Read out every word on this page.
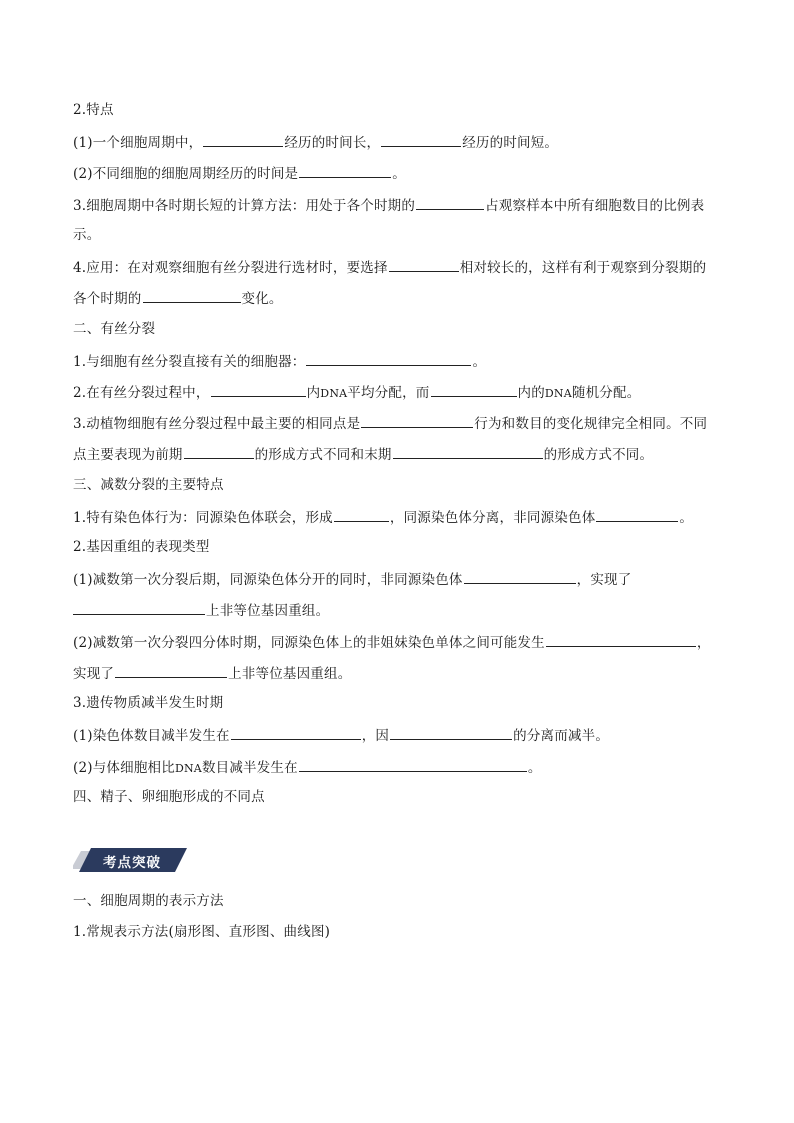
2.特点
(1)一个细胞周期中，	经历的时间长，	经历的时间短。
(2)不同细胞的细胞周期经历的时间是	。
3.细胞周期中各时期长短的计算方法：用处于各个时期的	占观察样本中所有细胞数目的比例表
示。
4.应用：在对观察细胞有丝分裂进行选材时，要选择	相对较长的，这样有利于观察到分裂期的
各个时期的	变化。
二、有丝分裂
1.与细胞有丝分裂直接有关的细胞器：	。
2.在有丝分裂过程中，	内DNA平均分配，而	内的DNA随机分配。
3.动植物细胞有丝分裂过程中最主要的相同点是	行为和数目的变化规律完全相同。不同
点主要表现为前期	的形成方式不同和末期	的形成方式不同。
三、减数分裂的主要特点
1.特有染色体行为：同源染色体联会，形成	，同源染色体分离，非同源染色体	。
2.基因重组的表现类型
(1)减数第一次分裂后期，同源染色体分开的同时，非同源染色体	，实现了
上非等位基因重组。
(2)减数第一次分裂四分体时期，同源染色体上的非姐妹染色单体之间可能发生	，
实现了	上非等位基因重组。
3.遗传物质减半发生时期
(1)染色体数目减半发生在	，因	的分离而减半。
(2)与体细胞相比DNA数目减半发生在	。
四、精子、卵细胞形成的不同点
考点突破
一、细胞周期的表示方法
1.常规表示方法(扇形图、直形图、曲线图)
